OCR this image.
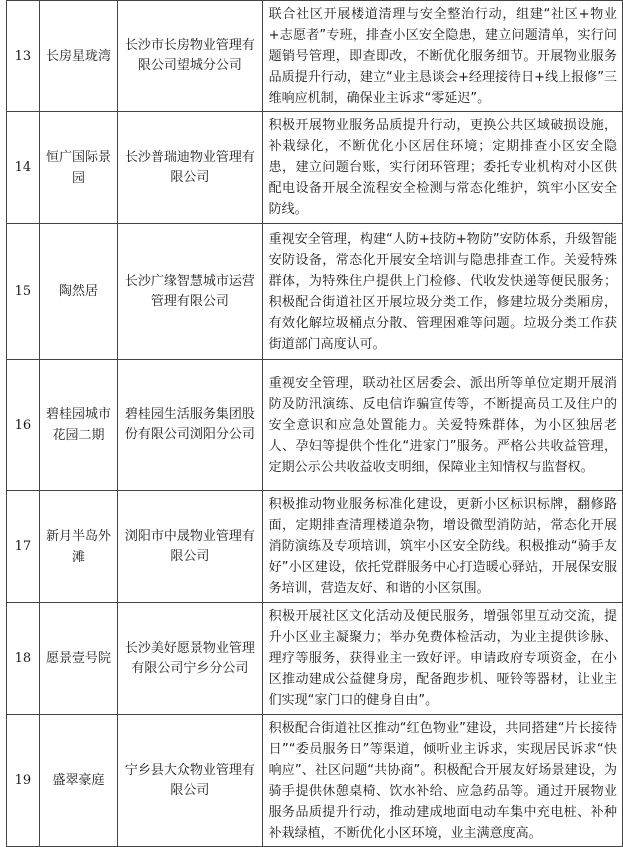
13	长房星珑湾	长沙市长房物业管理有限公司望城分公司	联合社区开展楼道清理与安全整治行动，组建“社区+物业+志愿者”专班，排查小区安全隐患，建立问题清单，实行问题销号管理，即查即改，不断优化服务细节。开展物业服务品质提升行动，建立“业主恳谈会+经理接待日+线上报修”三维响应机制，确保业主诉求“零延迟”。
14	恒广国际景园	长沙普瑞迪物业管理有限公司	积极开展物业服务品质提升行动，更换公共区域破损设施，补栽绿化，不断优化小区居住环境；定期排查小区安全隐患，建立问题台账，实行闭环管理；委托专业机构对小区供配电设备开展全流程安全检测与常态化维护，筑牢小区安全防线。
15	陶然居	长沙广缘智慧城市运营管理有限公司	重视安全管理，构建“人防+技防+物防”安防体系，升级智能安防设备，常态化开展安全培训与隐患排查工作。关爱特殊群体，为特殊住户提供上门检修、代收发快递等便民服务；积极配合街道社区开展垃圾分类工作，修建垃圾分类厢房，有效化解垃圾桶点分散、管理困难等问题。垃圾分类工作获街道部门高度认可。
16	碧桂园城市花园二期	碧桂园生活服务集团股份有限公司浏阳分公司	重视安全管理，联动社区居委会、派出所等单位定期开展消防及防汛演练、反电信诈骗宣传等，不断提高员工及住户的安全意识和应急处置能力。关爱特殊群体，为小区独居老人、孕妇等提供个性化“进家门”服务。严格公共收益管理，定期公示公共收益收支明细，保障业主知情权与监督权。
17	新月半岛外滩	浏阳市中晟物业管理有限公司	积极推动物业服务标准化建设，更新小区标识标牌，翻修路面，定期排查清理楼道杂物，增设微型消防站，常态化开展消防演练及专项培训，筑牢小区安全防线。积极推动“骑手友好”小区建设，依托党群服务中心打造暖心驿站，开展保安服务培训，营造友好、和谐的小区氛围。
18	愿景壹号院	长沙美好愿景物业管理有限公司宁乡分公司	积极开展社区文化活动及便民服务，增强邻里互动交流，提升小区业主凝聚力；举办免费体检活动，为业主提供诊脉、理疗等服务，获得业主一致好评。申请政府专项资金，在小区推动建成公益健身房，配备跑步机、哑铃等器材，让业主们实现“家门口的健身自由”。
19	盛翠豪庭	宁乡县大众物业管理有限公司	积极配合街道社区推动“红色物业”建设，共同搭建“片长接待日”“委员服务日”等渠道，倾听业主诉求，实现居民诉求“快响应”、社区问题“共协商”。积极配合开展友好场景建设，为骑手提供休憩桌椅、饮水补给、应急药品等。通过开展物业服务品质提升行动，推动建成地面电动车集中充电桩、补种补栽绿植，不断优化小区环境，业主满意度高。
